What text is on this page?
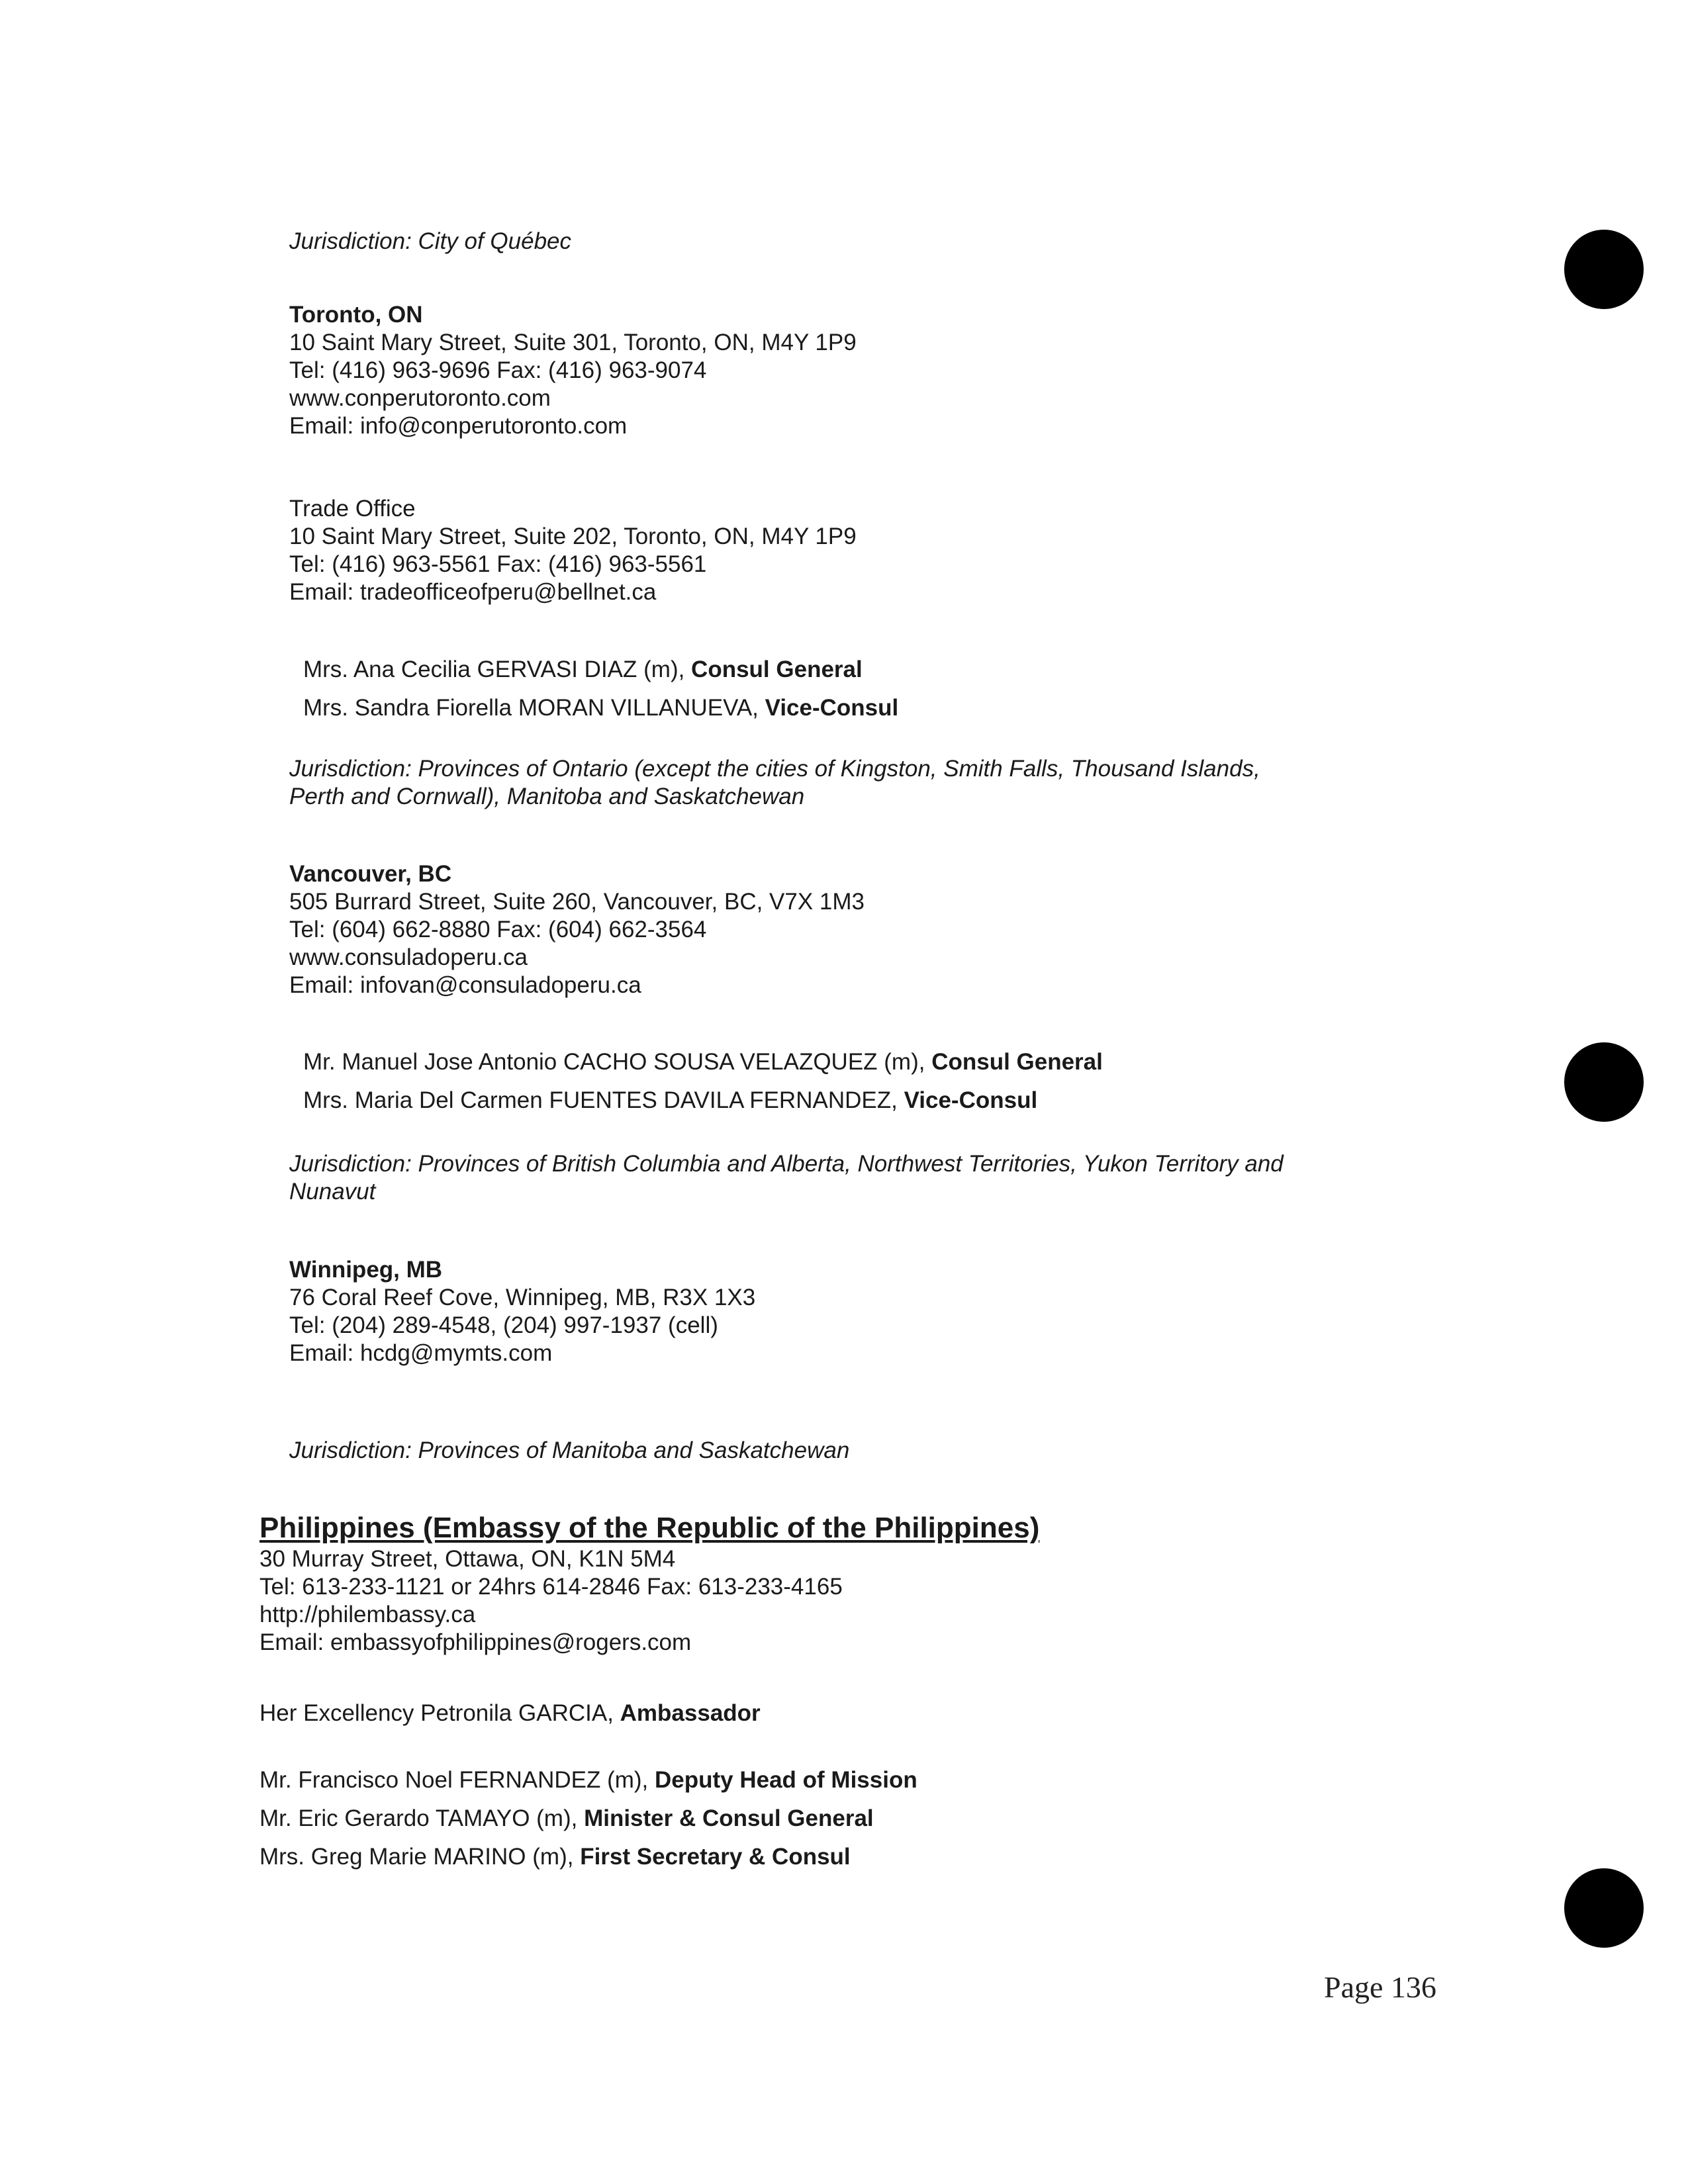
Jurisdiction: City of Québec
Toronto, ON
10 Saint Mary Street, Suite 301, Toronto, ON, M4Y 1P9
Tel: (416) 963-9696 Fax: (416) 963-9074
www.conperutoronto.com
Email: info@conperutoronto.com
Trade Office
10 Saint Mary Street, Suite 202, Toronto, ON, M4Y 1P9
Tel: (416) 963-5561 Fax: (416) 963-5561
Email: tradeofficeofperu@bellnet.ca
Mrs. Ana Cecilia GERVASI DIAZ (m), Consul General
Mrs. Sandra Fiorella MORAN VILLANUEVA, Vice-Consul
Jurisdiction: Provinces of Ontario (except the cities of Kingston, Smith Falls, Thousand Islands,
Perth and Cornwall), Manitoba and Saskatchewan
Vancouver, BC
505 Burrard Street, Suite 260, Vancouver, BC, V7X 1M3
Tel: (604) 662-8880 Fax: (604) 662-3564
www.consuladoperu.ca
Email: infovan@consuladoperu.ca
Mr. Manuel Jose Antonio CACHO SOUSA VELAZQUEZ (m), Consul General
Mrs. Maria Del Carmen FUENTES DAVILA FERNANDEZ, Vice-Consul
Jurisdiction: Provinces of British Columbia and Alberta, Northwest Territories, Yukon Territory and
Nunavut
Winnipeg, MB
76 Coral Reef Cove, Winnipeg, MB, R3X 1X3
Tel: (204) 289-4548, (204) 997-1937 (cell)
Email: hcdg@mymts.com
Jurisdiction: Provinces of Manitoba and Saskatchewan
Philippines (Embassy of the Republic of the Philippines)
30 Murray Street, Ottawa, ON, K1N 5M4
Tel: 613-233-1121 or 24hrs 614-2846 Fax: 613-233-4165
http://philembassy.ca
Email: embassyofphilippines@rogers.com
Her Excellency Petronila GARCIA, Ambassador
Mr. Francisco Noel FERNANDEZ (m), Deputy Head of Mission
Mr. Eric Gerardo TAMAYO (m), Minister & Consul General
Mrs. Greg Marie MARINO (m), First Secretary & Consul
Page 136
